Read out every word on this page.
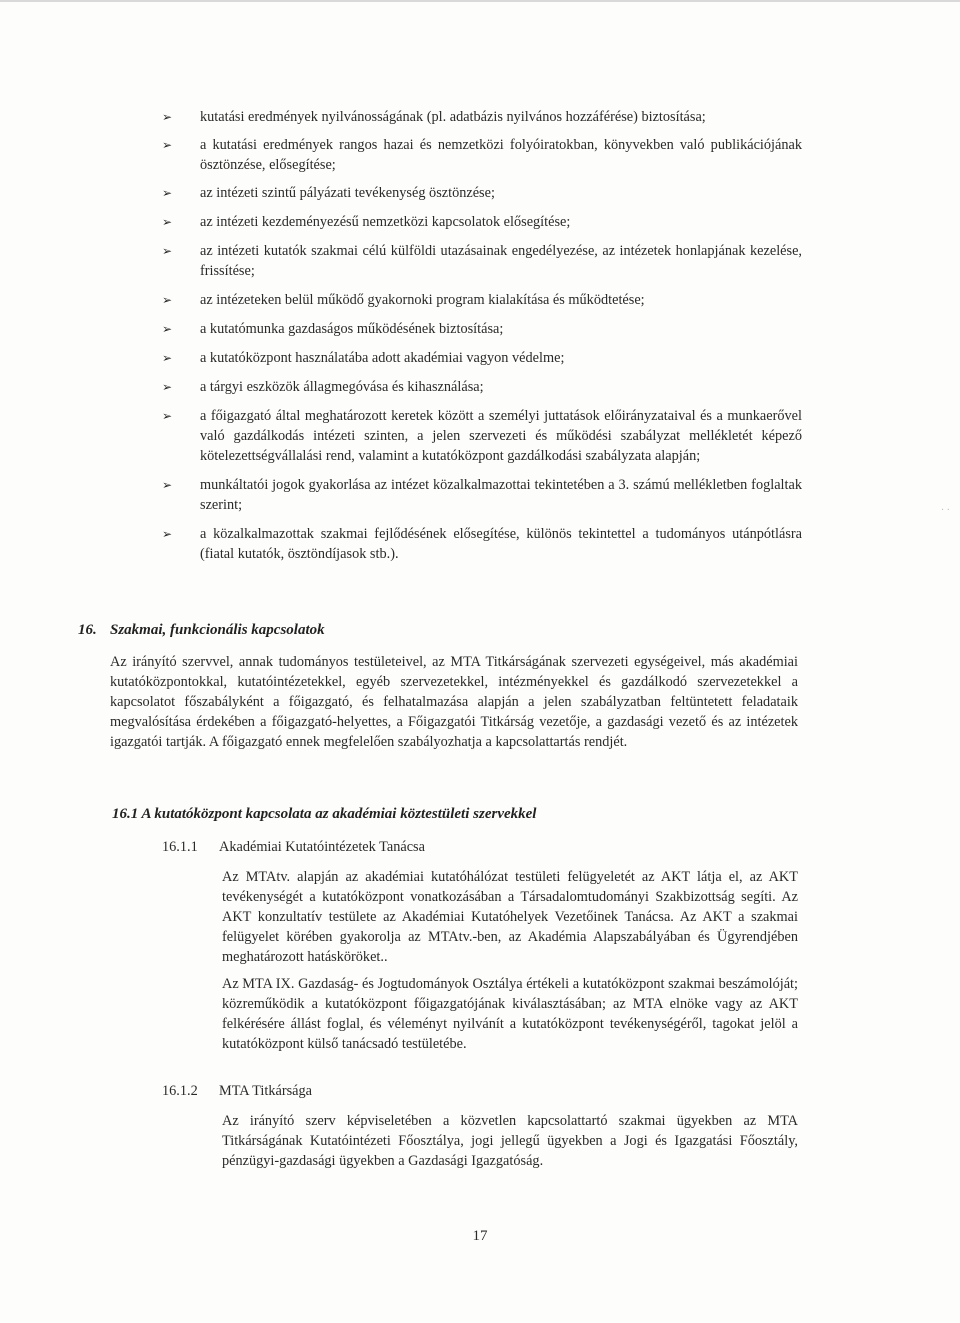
➢	kutatási eredmények nyilvánosságának (pl. adatbázis nyilvános hozzáférése) biztosítása;
➢	a kutatási eredmények rangos hazai és nemzetközi folyóiratokban, könyvekben való publikációjának ösztönzése, elősegítése;
➢	az intézeti szintű pályázati tevékenység ösztönzése;
➢	az intézeti kezdeményezésű nemzetközi kapcsolatok elősegítése;
➢	az intézeti kutatók szakmai célú külföldi utazásainak engedélyezése, az intézetek honlapjának kezelése, frissítése;
➢	az intézeteken belül működő gyakornoki program kialakítása és működtetése;
➢	a kutatómunka gazdaságos működésének biztosítása;
➢	a kutatóközpont használatába adott akadémiai vagyon védelme;
➢	a tárgyi eszközök állagmegóvása és kihasználása;
➢	a főigazgató által meghatározott keretek között a személyi juttatások előirányzataival és a munkaerővel való gazdálkodás intézeti szinten, a jelen szervezeti és működési szabályzat mellékletét képező kötelezettségvállalási rend, valamint a kutatóközpont gazdálkodási szabályzata alapján;
➢	munkáltatói jogok gyakorlása az intézet közalkalmazottai tekintetében a 3. számú mellékletben foglaltak szerint;
➢	a közalkalmazottak szakmai fejlődésének elősegítése, különös tekintettel a tudományos utánpótlásra (fiatal kutatók, ösztöndíjasok stb.).
16. Szakmai, funkcionális kapcsolatok
Az irányító szervvel, annak tudományos testületeivel, az MTA Titkárságának szervezeti egységeivel, más akadémiai kutatóközpontokkal, kutatóintézetekkel, egyéb szervezetekkel, intézményekkel és gazdálkodó szervezetekkel a kapcsolatot főszabályként a főigazgató, és felhatalmazása alapján a jelen szabályzatban feltüntetett feladataik megvalósítása érdekében a főigazgató-helyettes, a Főigazgatói Titkárság vezetője, a gazdasági vezető és az intézetek igazgatói tartják. A főigazgató ennek megfelelően szabályozhatja a kapcsolattartás rendjét.
16.1 A kutatóközpont kapcsolata az akadémiai köztestületi szervekkel
16.1.1 Akadémiai Kutatóintézetek Tanácsa
Az MTAtv. alapján az akadémiai kutatóhálózat testületi felügyeletét az AKT látja el, az AKT tevékenységét a kutatóközpont vonatkozásában a Társadalomtudományi Szakbizottság segíti. Az AKT konzultatív testülete az Akadémiai Kutatóhelyek Vezetőinek Tanácsa. Az AKT a szakmai felügyelet körében gyakorolja az MTAtv.-ben, az Akadémia Alapszabályában és Ügyrendjében meghatározott hatásköröket..
Az MTA IX. Gazdaság- és Jogtudományok Osztálya értékeli a kutatóközpont szakmai beszámolóját; közreműködik a kutatóközpont főigazgatójának kiválasztásában; az MTA elnöke vagy az AKT felkérésére állást foglal, és véleményt nyilvánít a kutatóközpont tevékenységéről, tagokat jelöl a kutatóközpont külső tanácsadó testületébe.
16.1.2 MTA Titkársága
Az irányító szerv képviseletében a közvetlen kapcsolattartó szakmai ügyekben az MTA Titkárságának Kutatóintézeti Főosztálya, jogi jellegű ügyekben a Jogi és Igazgatási Főosztály, pénzügyi-gazdasági ügyekben a Gazdasági Igazgatóság.
17
· ·
